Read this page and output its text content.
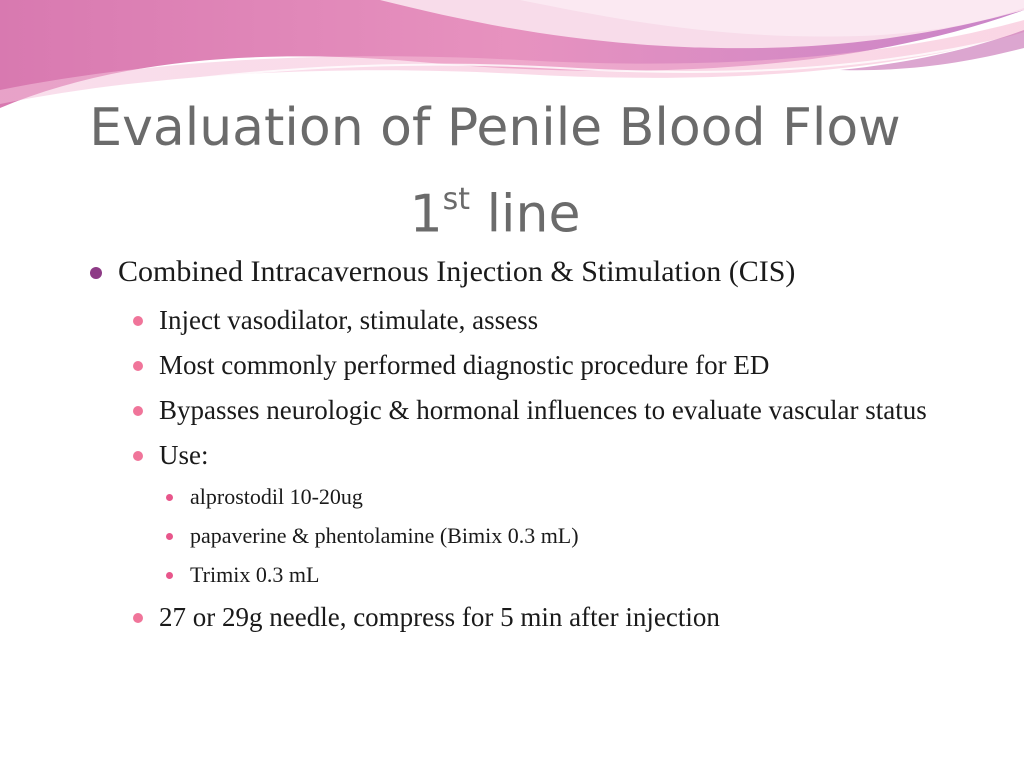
Evaluation of Penile Blood Flow
1st line
Combined Intracavernous Injection & Stimulation (CIS)
Inject vasodilator, stimulate, assess
Most commonly performed diagnostic procedure for ED
Bypasses neurologic & hormonal influences to evaluate vascular status
Use:
alprostodil 10-20ug
papaverine & phentolamine (Bimix 0.3 mL)
Trimix 0.3 mL
27 or 29g needle, compress for 5 min after injection
